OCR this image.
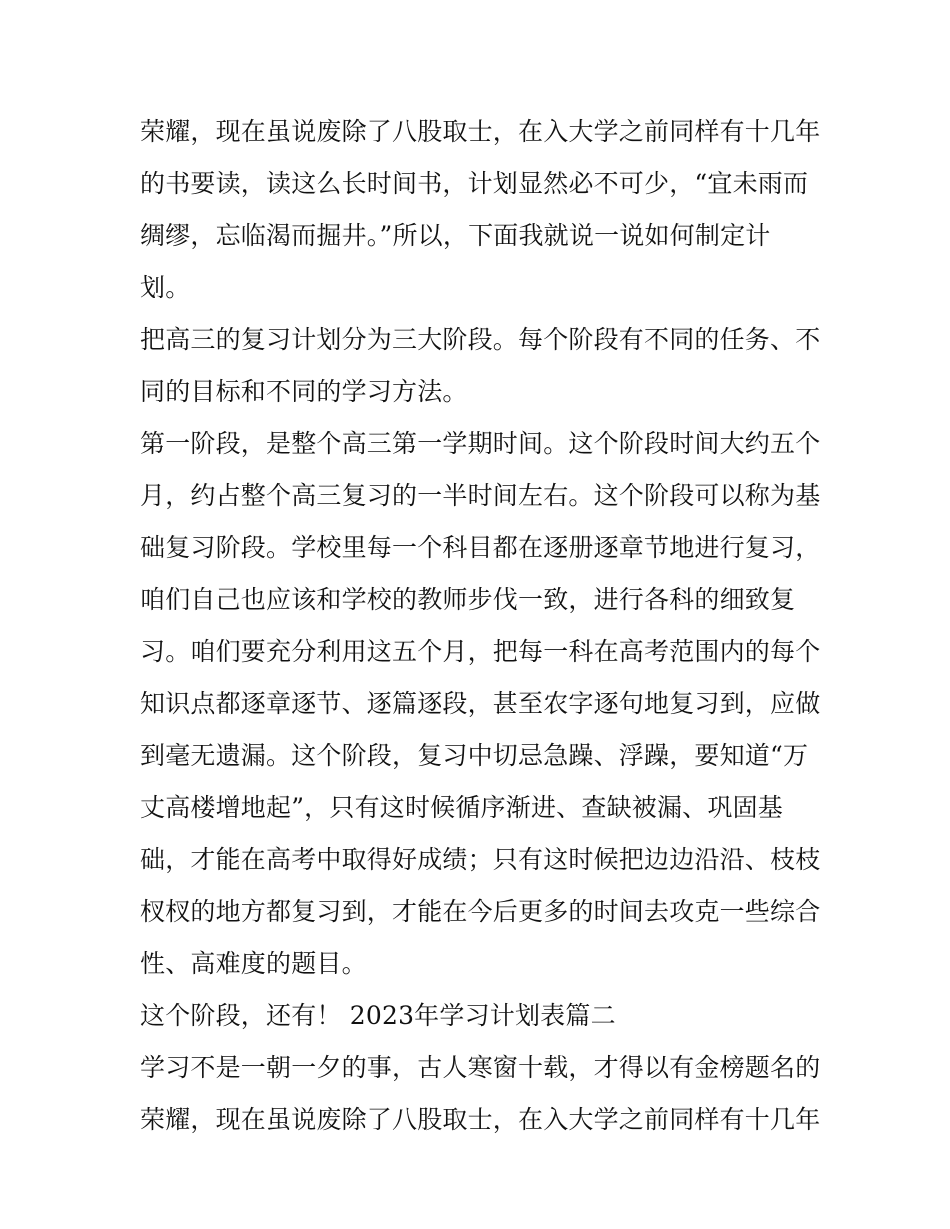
荣耀，现在虽说废除了八股取士，在入大学之前同样有十几年
的书要读，读这么长时间书，计划显然必不可少，“宜未雨而
绸缪，忘临渴而掘井。”所以，下面我就说一说如何制定计
划。
把高三的复习计划分为三大阶段。每个阶段有不同的任务、不
同的目标和不同的学习方法。
第一阶段，是整个高三第一学期时间。这个阶段时间大约五个
月，约占整个高三复习的一半时间左右。这个阶段可以称为基
础复习阶段。学校里每一个科目都在逐册逐章节地进行复习，
咱们自己也应该和学校的教师步伐一致，进行各科的细致复
习。咱们要充分利用这五个月，把每一科在高考范围内的每个
知识点都逐章逐节、逐篇逐段，甚至农字逐句地复习到，应做
到毫无遗漏。这个阶段，复习中切忌急躁、浮躁，要知道“万
丈高楼增地起”，只有这时候循序渐进、查缺被漏、巩固基
础，才能在高考中取得好成绩；只有这时候把边边沿沿、枝枝
杈杈的地方都复习到，才能在今后更多的时间去攻克一些综合
性、高难度的题目。
这个阶段，还有！ 2023年学习计划表篇二
学习不是一朝一夕的事，古人寒窗十载，才得以有金榜题名的
荣耀，现在虽说废除了八股取士，在入大学之前同样有十几年
